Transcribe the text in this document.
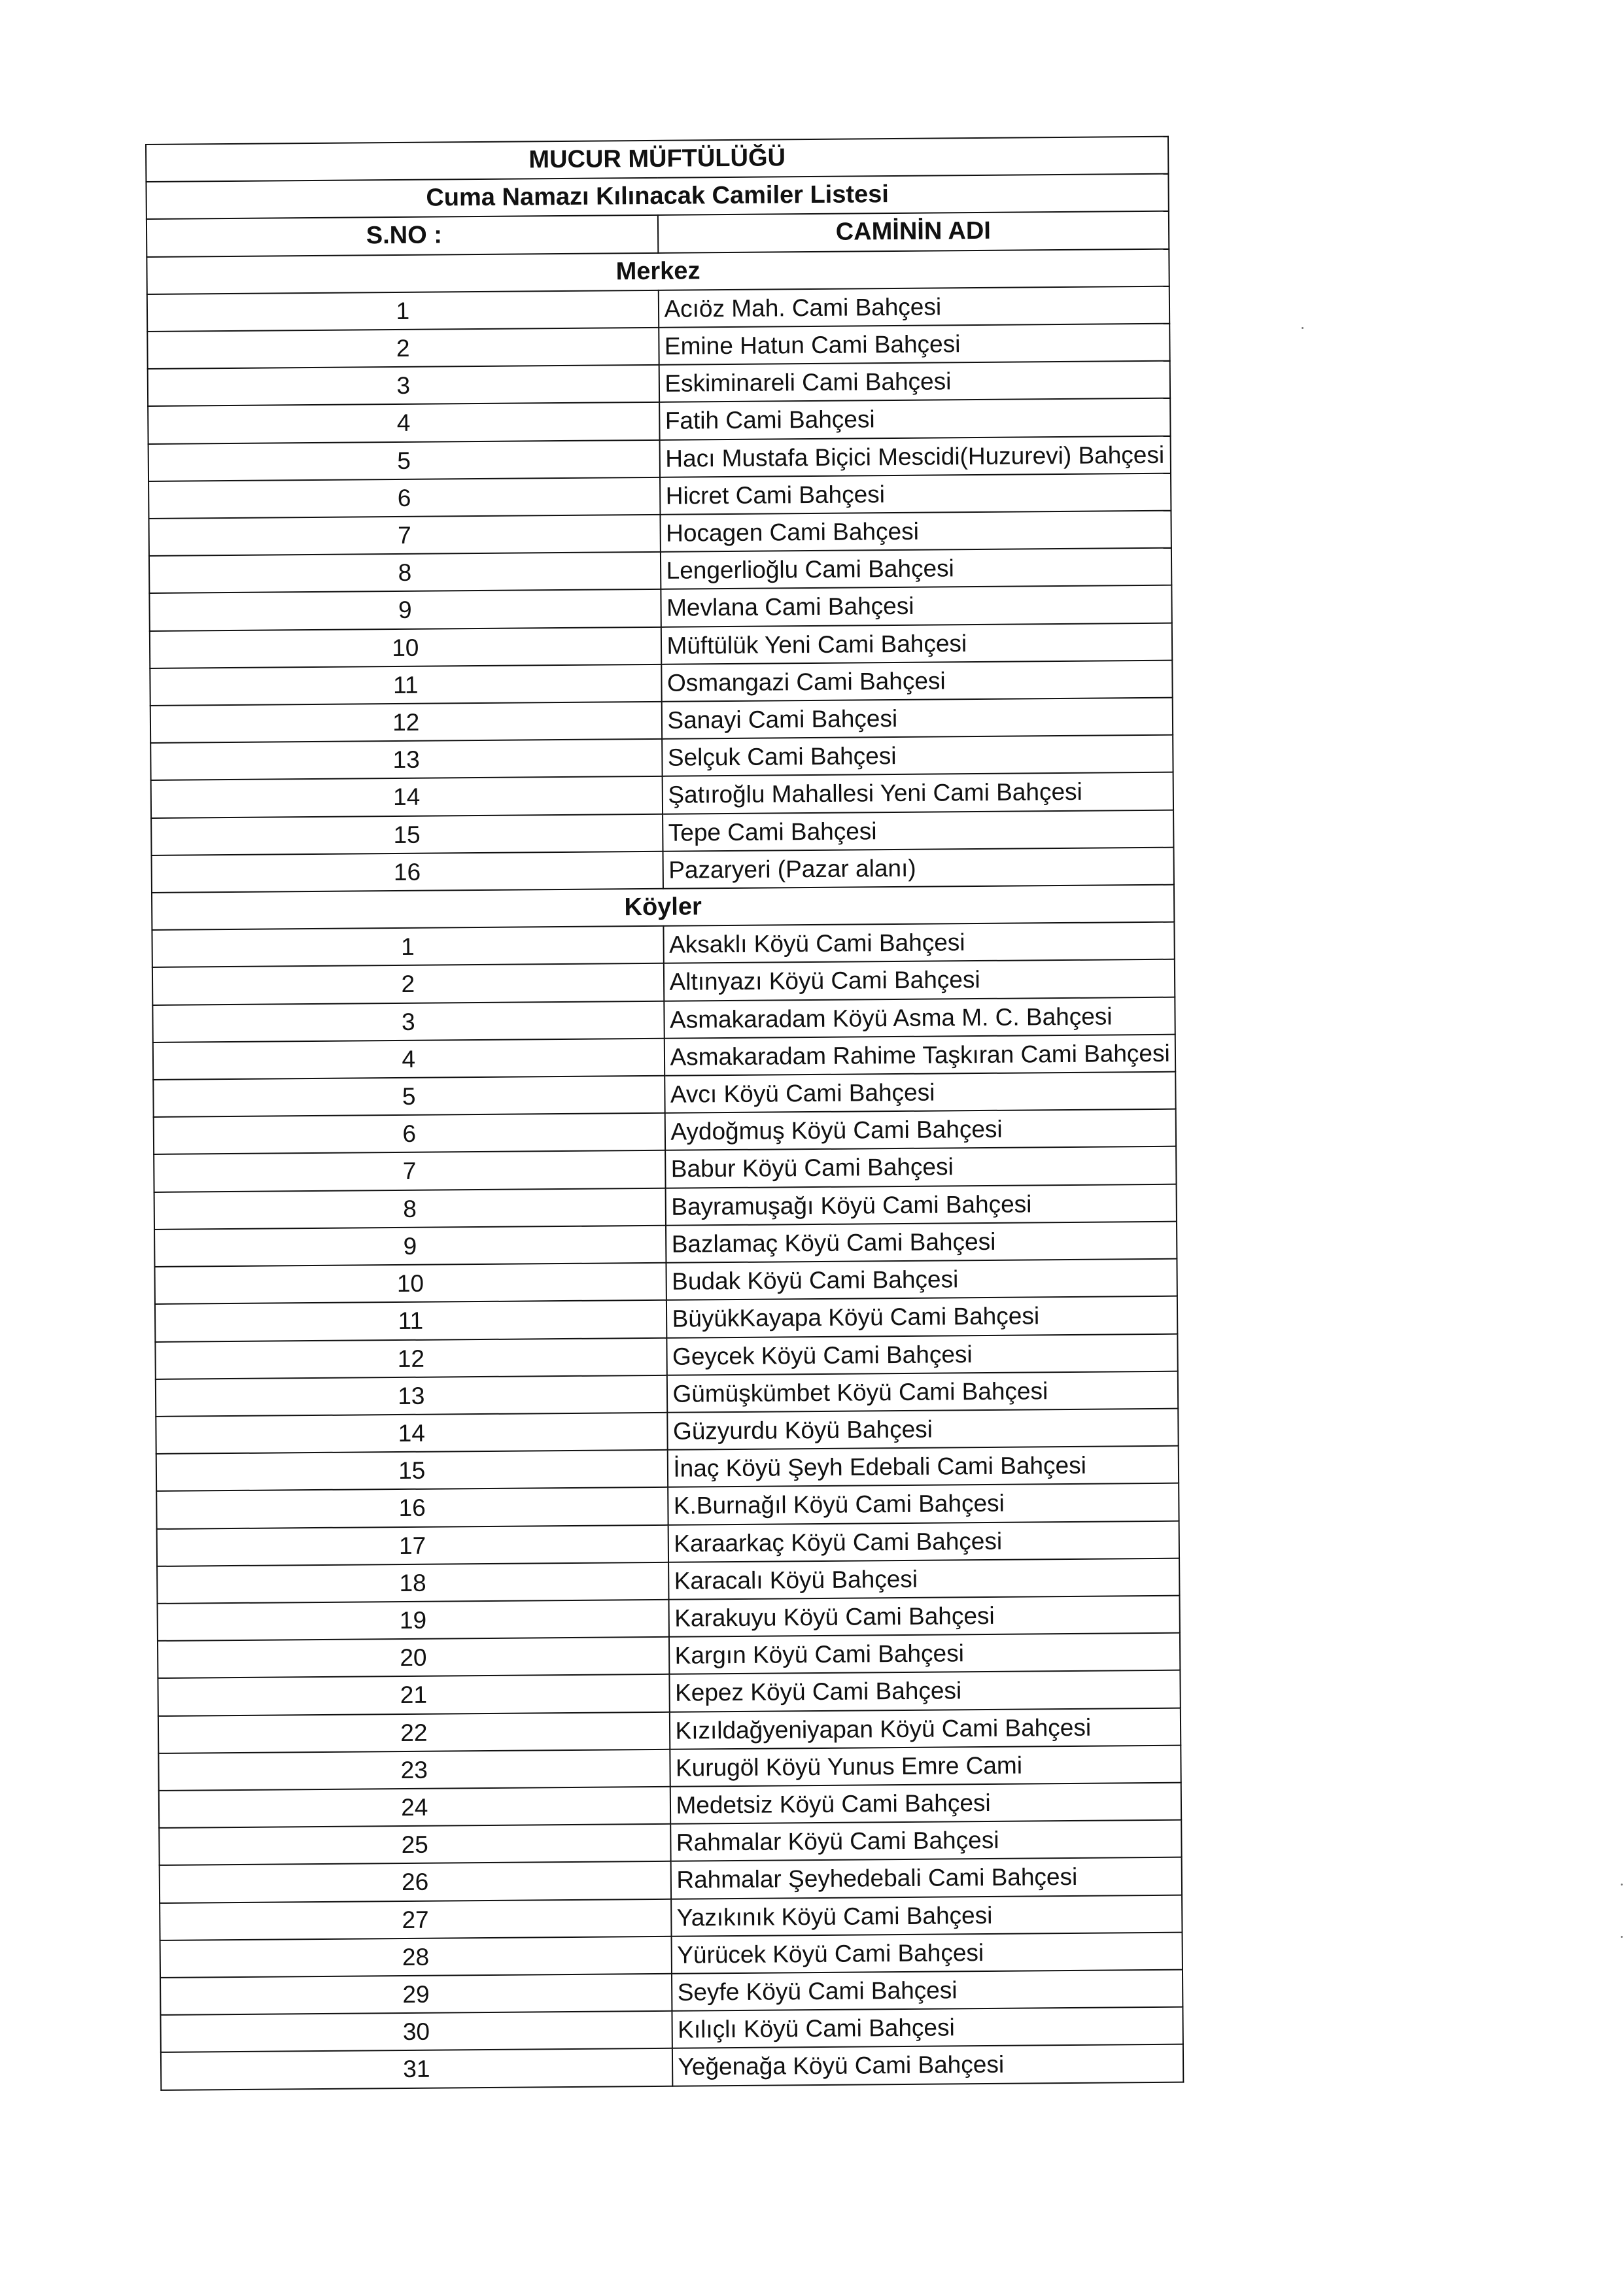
MUCUR MÜFTÜLÜĞÜ	
Cuma Namazı Kılınacak Camiler Listesi	
S.NO :	CAMİNİN ADI
Merkez	
1	Acıöz Mah. Cami Bahçesi
2	Emine Hatun Cami Bahçesi
3	Eskiminareli Cami Bahçesi
4	Fatih Cami Bahçesi
5	Hacı Mustafa Biçici Mescidi(Huzurevi) Bahçesi
6	Hicret Cami Bahçesi
7	Hocagen Cami Bahçesi
8	Lengerlioğlu Cami Bahçesi
9	Mevlana Cami Bahçesi
10	Müftülük Yeni Cami Bahçesi
11	Osmangazi Cami Bahçesi
12	Sanayi Cami Bahçesi
13	Selçuk Cami Bahçesi
14	Şatıroğlu Mahallesi Yeni Cami Bahçesi
15	Tepe Cami Bahçesi
16	Pazaryeri (Pazar alanı)
Köyler	
1	Aksaklı Köyü Cami Bahçesi
2	Altınyazı Köyü Cami Bahçesi
3	Asmakaradam Köyü Asma M. C. Bahçesi
4	Asmakaradam Rahime Taşkıran Cami Bahçesi
5	Avcı Köyü Cami Bahçesi
6	Aydoğmuş Köyü Cami Bahçesi
7	Babur Köyü Cami Bahçesi
8	Bayramuşağı Köyü Cami Bahçesi
9	Bazlamaç Köyü Cami Bahçesi
10	Budak Köyü Cami Bahçesi
11	BüyükKayapa Köyü Cami Bahçesi
12	Geycek Köyü Cami Bahçesi
13	Gümüşkümbet Köyü Cami Bahçesi
14	Güzyurdu Köyü Bahçesi
15	İnaç Köyü Şeyh Edebali Cami Bahçesi
16	K.Burnağıl Köyü Cami Bahçesi
17	Karaarkaç Köyü Cami Bahçesi
18	Karacalı Köyü Bahçesi
19	Karakuyu Köyü Cami Bahçesi
20	Kargın Köyü Cami Bahçesi
21	Kepez Köyü Cami Bahçesi
22	Kızıldağyeniyapan Köyü Cami Bahçesi
23	Kurugöl Köyü Yunus Emre Cami
24	Medetsiz Köyü Cami Bahçesi
25	Rahmalar Köyü Cami Bahçesi
26	Rahmalar Şeyhedebali Cami Bahçesi
27	Yazıkınık Köyü Cami Bahçesi
28	Yürücek Köyü Cami Bahçesi
29	Seyfe Köyü Cami Bahçesi
30	Kılıçlı Köyü Cami Bahçesi
31	Yeğenağa Köyü Cami Bahçesi
